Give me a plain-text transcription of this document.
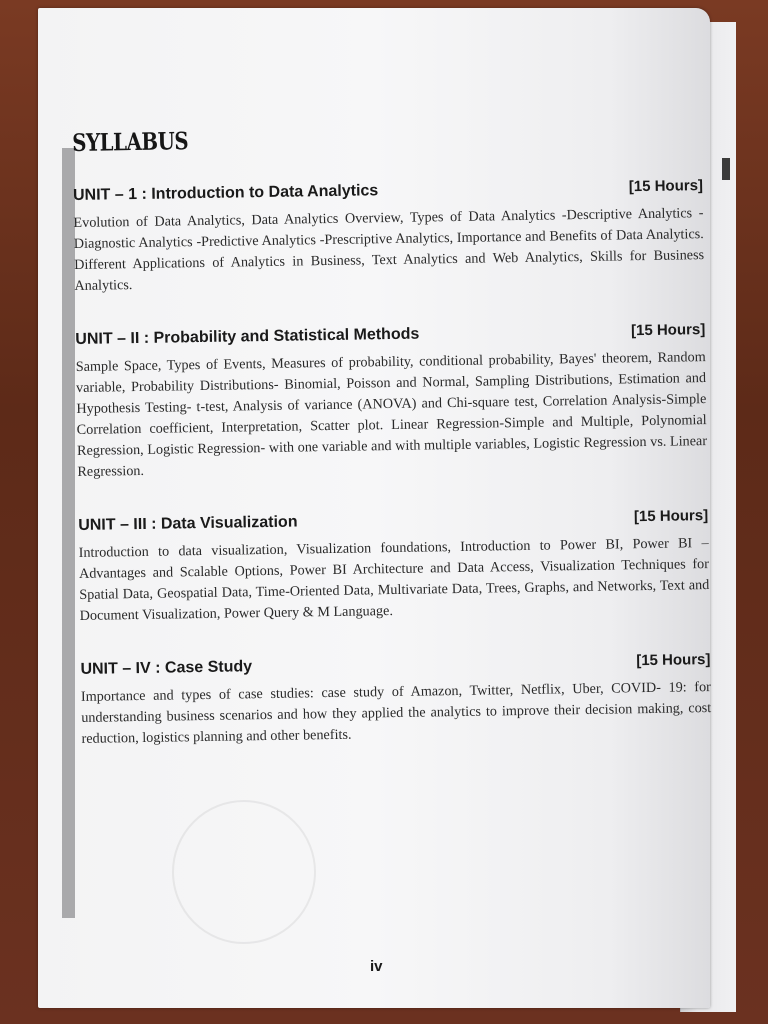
SYLLABUS
UNIT – 1 : Introduction to Data Analytics	[15 Hours]

Evolution of Data Analytics, Data Analytics Overview, Types of Data Analytics -Descriptive Analytics -Diagnostic Analytics -Predictive Analytics -Prescriptive Analytics, Importance and Benefits of Data Analytics. Different Applications of Analytics in Business, Text Analytics and Web Analytics, Skills for Business Analytics.

UNIT – II : Probability and Statistical Methods	[15 Hours]

Sample Space, Types of Events, Measures of probability, conditional probability, Bayes' theorem, Random variable, Probability Distributions- Binomial, Poisson and Normal, Sampling Distributions, Estimation and Hypothesis Testing- t-test, Analysis of variance (ANOVA) and Chi-square test, Correlation Analysis-Simple Correlation coefficient, Interpretation, Scatter plot. Linear Regression-Simple and Multiple, Polynomial Regression, Logistic Regression- with one variable and with multiple variables, Logistic Regression vs. Linear Regression.

UNIT – III : Data Visualization	[15 Hours]

Introduction to data visualization, Visualization foundations, Introduction to Power BI, Power BI – Advantages and Scalable Options, Power BI Architecture and Data Access, Visualization Techniques for Spatial Data, Geospatial Data, Time-Oriented Data, Multivariate Data, Trees, Graphs, and Networks, Text and Document Visualization, Power Query & M Language.

UNIT – IV : Case Study	[15 Hours]

Importance and types of case studies: case study of Amazon, Twitter, Netflix, Uber, COVID- 19: for understanding business scenarios and how they applied the analytics to improve their decision making, cost reduction, logistics planning and other benefits.

iv
